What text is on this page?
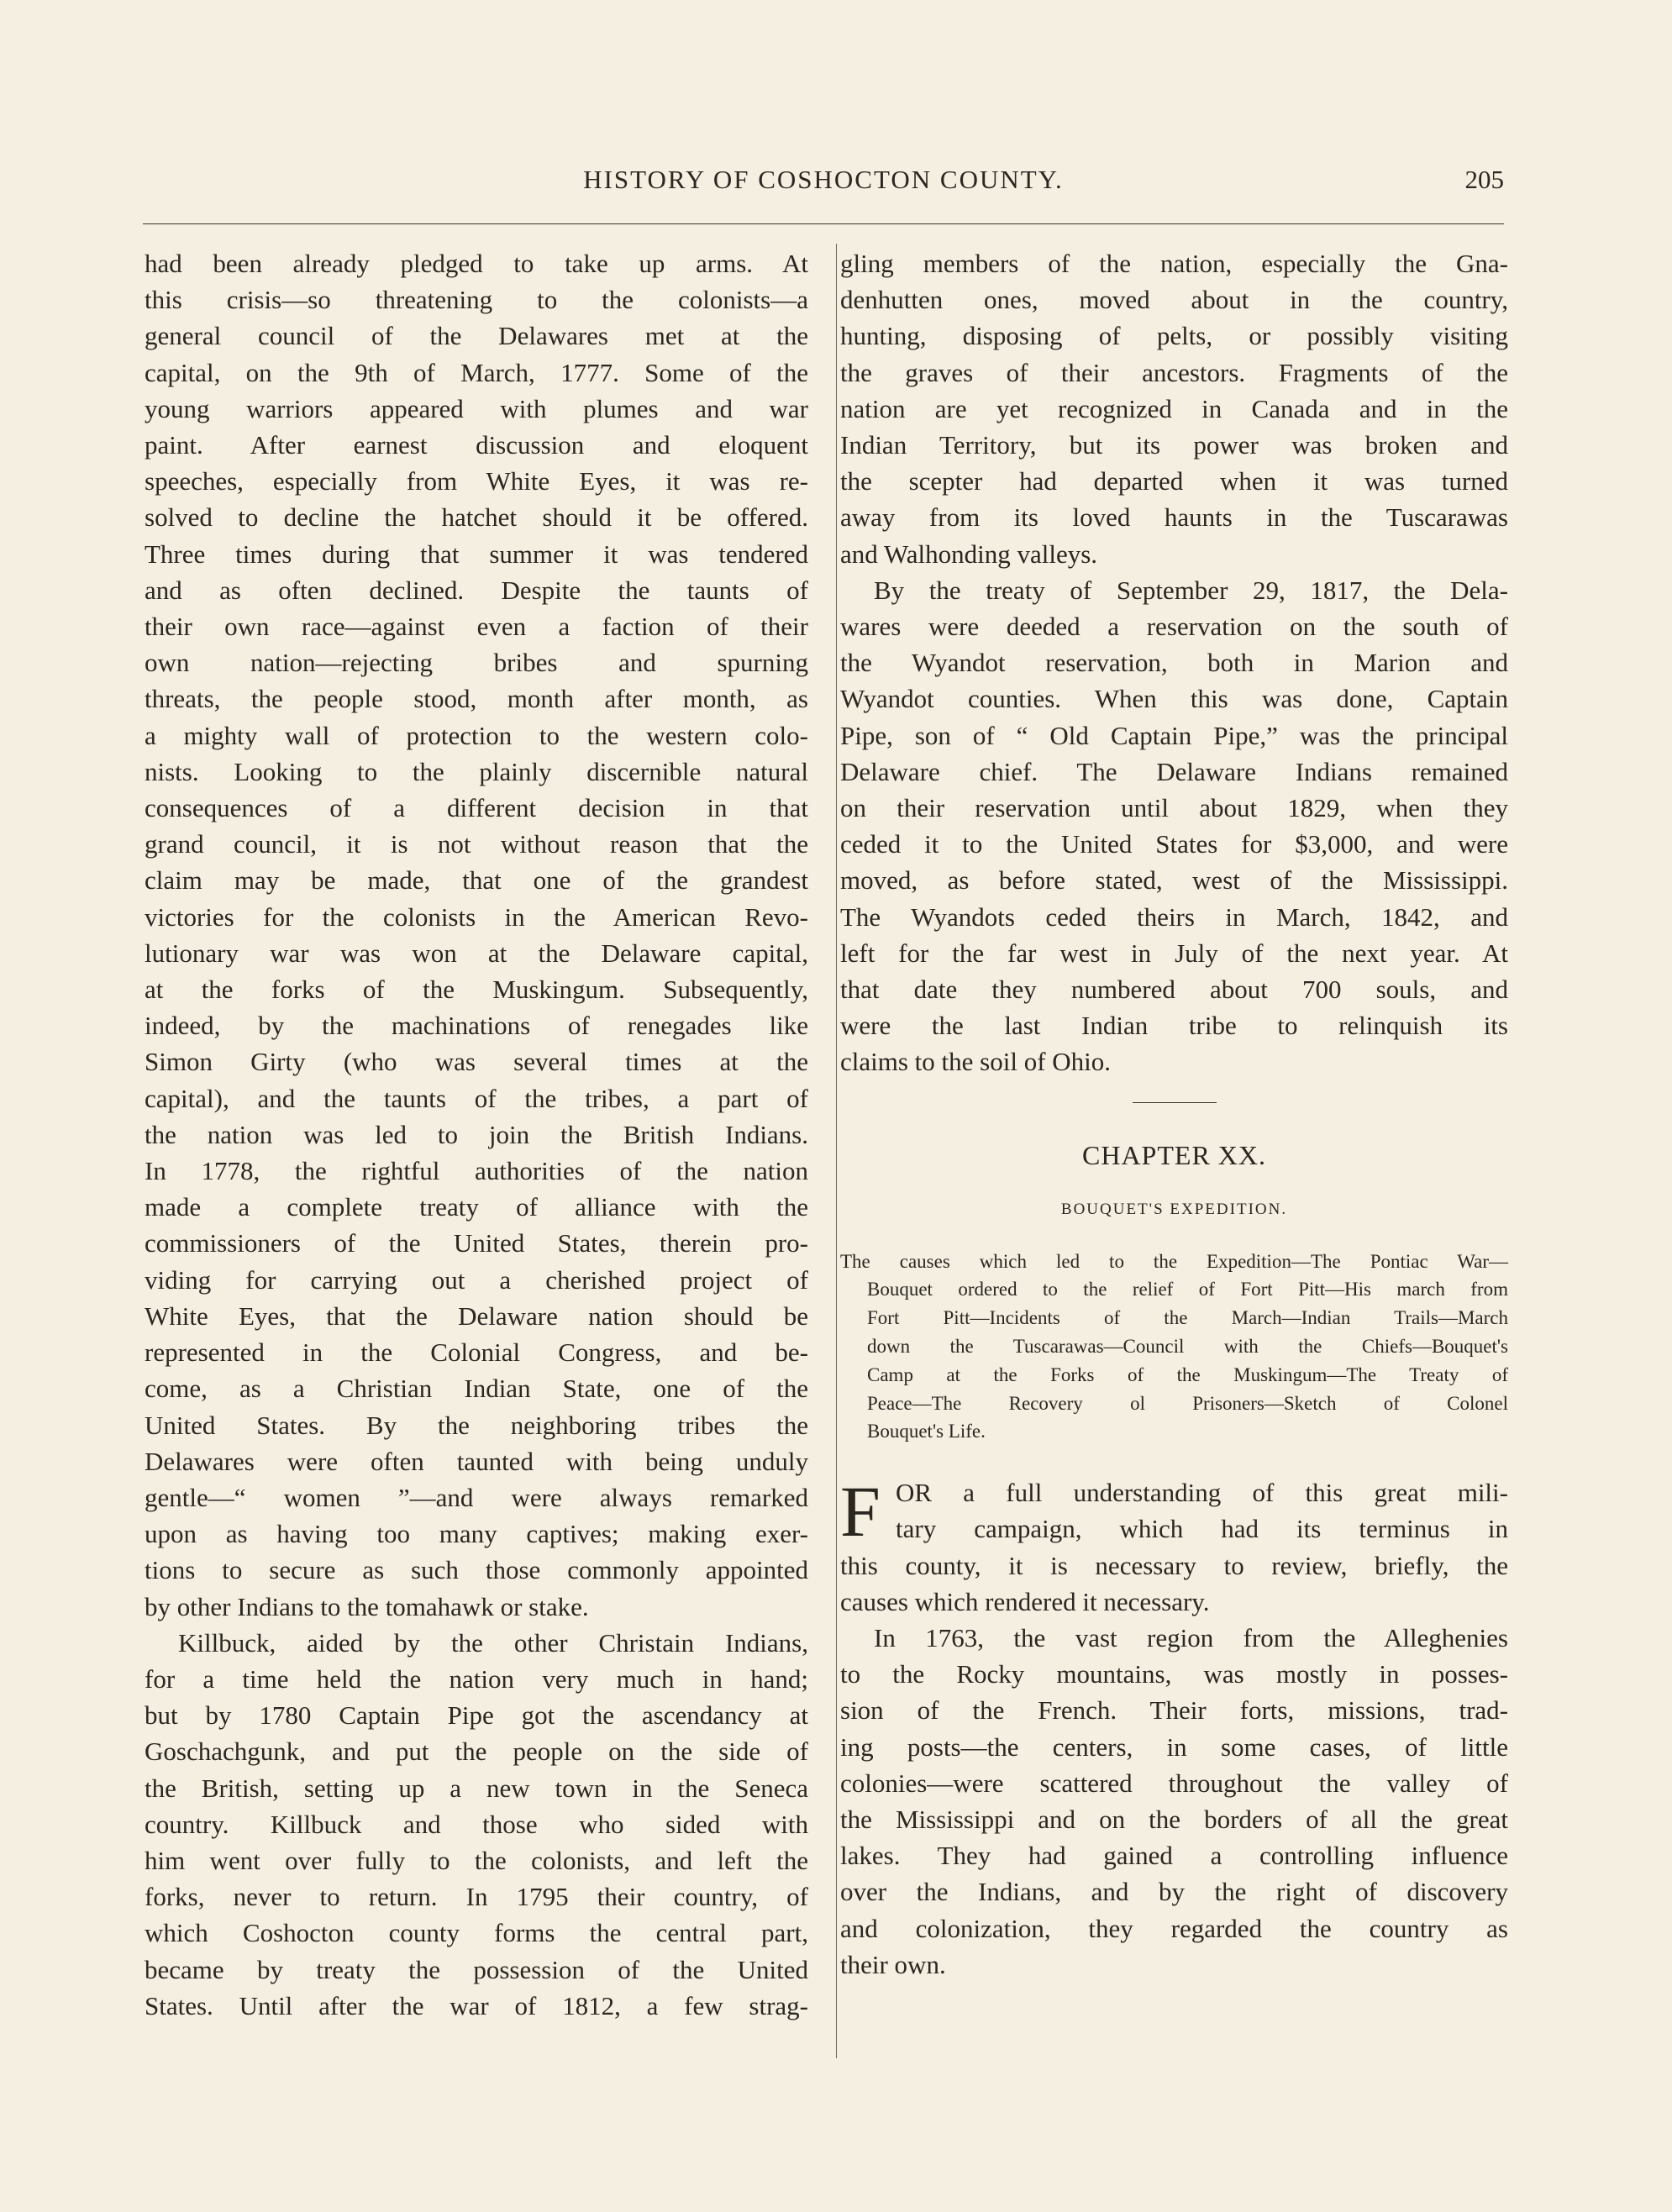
HISTORY OF COSHOCTON COUNTY.	205
had been already pledged to take up arms. At
this crisis—so threatening to the colonists—a
general council of the Delawares met at the
capital, on the 9th of March, 1777. Some of the
young warriors appeared with plumes and war
paint. After earnest discussion and eloquent
speeches, especially from White Eyes, it was re-
solved to decline the hatchet should it be offered.
Three times during that summer it was tendered
and as often declined. Despite the taunts of
their own race—against even a faction of their
own nation—rejecting bribes and spurning
threats, the people stood, month after month, as
a mighty wall of protection to the western colo-
nists. Looking to the plainly discernible natural
consequences of a different decision in that
grand council, it is not without reason that the
claim may be made, that one of the grandest
victories for the colonists in the American Revo-
lutionary war was won at the Delaware capital,
at the forks of the Muskingum. Subsequently,
indeed, by the machinations of renegades like
Simon Girty (who was several times at the
capital), and the taunts of the tribes, a part of
the nation was led to join the British Indians.
In 1778, the rightful authorities of the nation
made a complete treaty of alliance with the
commissioners of the United States, therein pro-
viding for carrying out a cherished project of
White Eyes, that the Delaware nation should be
represented in the Colonial Congress, and be-
come, as a Christian Indian State, one of the
United States. By the neighboring tribes the
Delawares were often taunted with being unduly
gentle—“ women ”—and were always remarked
upon as having too many captives; making exer-
tions to secure as such those commonly appointed
by other Indians to the tomahawk or stake.
Killbuck, aided by the other Christain Indians,
for a time held the nation very much in hand;
but by 1780 Captain Pipe got the ascendancy at
Goschachgunk, and put the people on the side of
the British, setting up a new town in the Seneca
country. Killbuck and those who sided with
him went over fully to the colonists, and left the
forks, never to return. In 1795 their country, of
which Coshocton county forms the central part,
became by treaty the possession of the United
States. Until after the war of 1812, a few strag-
gling members of the nation, especially the Gna-
denhutten ones, moved about in the country,
hunting, disposing of pelts, or possibly visiting
the graves of their ancestors. Fragments of the
nation are yet recognized in Canada and in the
Indian Territory, but its power was broken and
the scepter had departed when it was turned
away from its loved haunts in the Tuscarawas
and Walhonding valleys.
By the treaty of September 29, 1817, the Dela-
wares were deeded a reservation on the south of
the Wyandot reservation, both in Marion and
Wyandot counties. When this was done, Captain
Pipe, son of “ Old Captain Pipe,” was the principal
Delaware chief. The Delaware Indians remained
on their reservation until about 1829, when they
ceded it to the United States for $3,000, and were
moved, as before stated, west of the Mississippi.
The Wyandots ceded theirs in March, 1842, and
left for the far west in July of the next year. At
that date they numbered about 700 souls, and
were the last Indian tribe to relinquish its
claims to the soil of Ohio.
CHAPTER XX.
BOUQUET'S EXPEDITION.
The causes which led to the Expedition—The Pontiac War—
Bouquet ordered to the relief of Fort Pitt—His march from
Fort Pitt—Incidents of the March—Indian Trails—March
down the Tuscarawas—Council with the Chiefs—Bouquet's
Camp at the Forks of the Muskingum—The Treaty of
Peace—The Recovery ol Prisoners—Sketch of Colonel
Bouquet's Life.
F OR a full understanding of this great mili-
tary campaign, which had its terminus in
this county, it is necessary to review, briefly, the
causes which rendered it necessary.
In 1763, the vast region from the Alleghenies
to the Rocky mountains, was mostly in posses-
sion of the French. Their forts, missions, trad-
ing posts—the centers, in some cases, of little
colonies—were scattered throughout the valley of
the Mississippi and on the borders of all the great
lakes. They had gained a controlling influence
over the Indians, and by the right of discovery
and colonization, they regarded the country as
their own.
